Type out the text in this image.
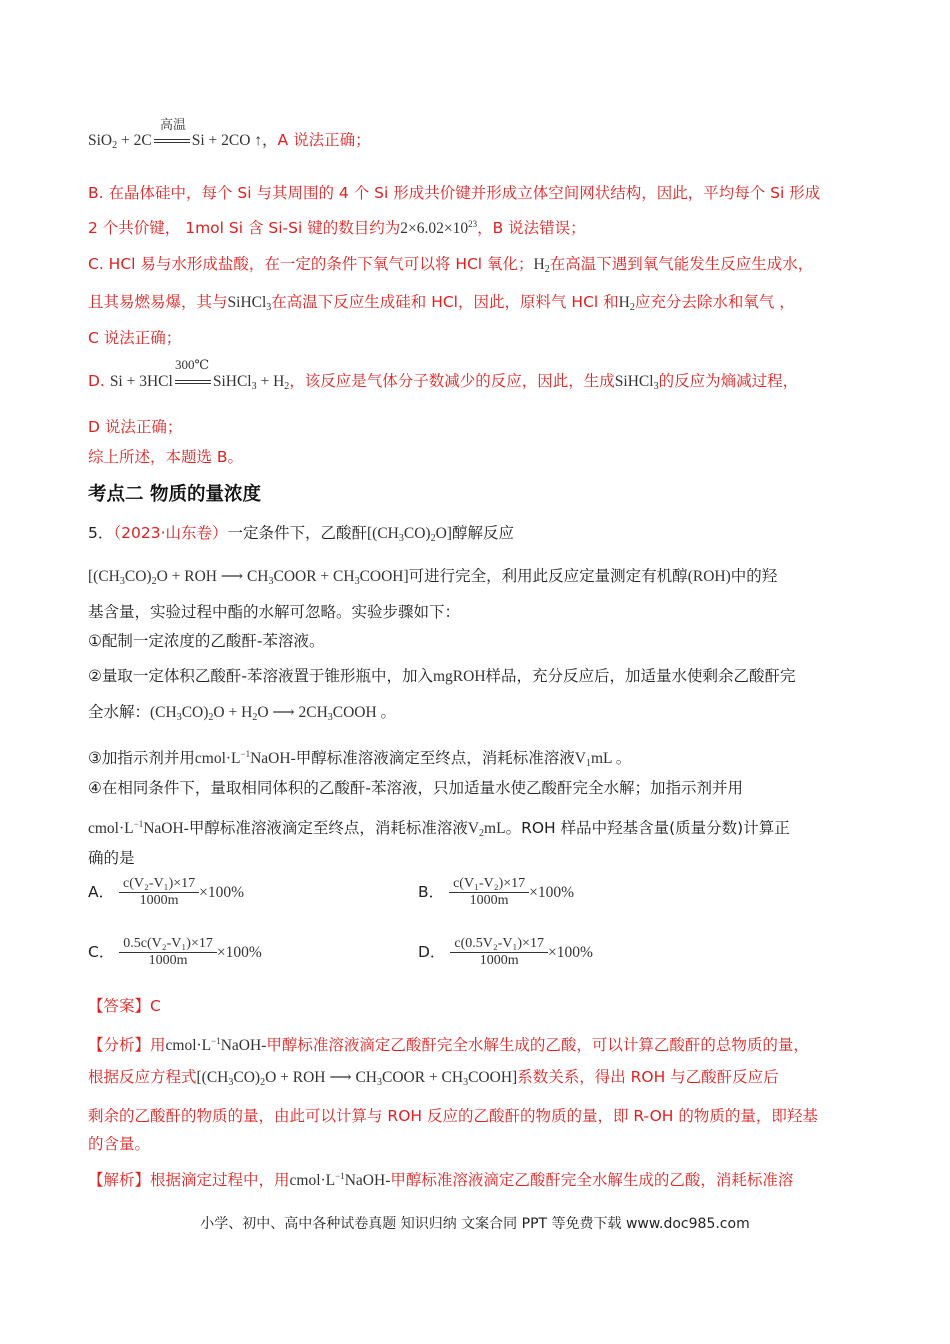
高温
SiO$_2$ + 2C	Si + 2CO ↑，A 说法正确；
B. 在晶体硅中，每个 Si 与其周围的 4 个 Si 形成共价键并形成立体空间网状结构，因此，平均每个 Si 形成
2 个共价键， 1mol Si 含 Si-Si 键的数目约为$2\times 6.02\times 10^{23}$，B 说法错误；
C. HCl 易与水形成盐酸，在一定的条件下氧气可以将 HCl 氧化；$H_2$在高温下遇到氧气能发生反应生成水，
且其易燃易爆，其与SiHCl$_3$在高温下反应生成硅和 HCl，因此，原料气 HCl 和$H_2$应充分去除水和氧气 ，
C 说法正确；
300℃
D. Si + 3HCl	SiHCl$_3$ + $H_2$，该反应是气体分子数减少的反应，因此，生成SiHCl$_3$的反应为熵减过程，
D 说法正确；
综上所述，本题选 B。
考点二 物质的量浓度
5．（2023·山东卷）一定条件下，乙酸酐$[(CH_3CO)_2O]$醇解反应
[$(CH_3CO)_2O$ + ROH ⟶ $CH_3COOR$ + $CH_3COOH$]可进行完全，利用此反应定量测定有机醇(ROH)中的羟
基含量，实验过程中酯的水解可忽略。实验步骤如下：
①配制一定浓度的乙酸酐-苯溶液。
②量取一定体积乙酸酐-苯溶液置于锥形瓶中，加入mgROH样品，充分反应后，加适量水使剩余乙酸酐完
全水解：$(CH_3CO)_2O + H_2O$ ⟶ $2CH_3COOH$ 。
③加指示剂并用$cmol\cdot L^{-1}NaOH-$甲醇标准溶液滴定至终点，消耗标准溶液$V_1mL$ 。
④在相同条件下，量取相同体积的乙酸酐-苯溶液，只加适量水使乙酸酐完全水解；加指示剂并用
$cmol\cdot L^{-1}NaOH-$甲醇标准溶液滴定至终点，消耗标准溶液$V_2mL$。ROH 样品中羟基含量(质量分数)计算正
确的是
A． $\frac{\text{c(V₂-V₁)×17}}{1000m} \times 100\%$	B． $\frac{\text{c(V₁-V₂)×17}}{1000m} \times 100\%$
C． $\frac{\text{0.5c(V₂-V₁)×17}}{1000m} \times 100\%$	D． $\frac{\text{c(0.5V₂-V₁)×17}}{1000m} \times 100\%$
【答案】C
【分析】用$cmol\cdot L^{-1}NaOH-$甲醇标准溶液滴定乙酸酐完全水解生成的乙酸，可以计算乙酸酐的总物质的量，
根据反应方程式[$(CH_3CO)_2O$ + ROH ⟶ $CH_3COOR$ + $CH_3COOH$]系数关系，得出 ROH 与乙酸酐反应后
剩余的乙酸酐的物质的量，由此可以计算与 ROH 反应的乙酸酐的物质的量，即 R-OH 的物质的量，即羟基
的含量。
【解析】根据滴定过程中，用$cmol\cdot L^{-1}NaOH-$甲醇标准溶液滴定乙酸酐完全水解生成的乙酸，消耗标准溶
小学、初中、高中各种试卷真题 知识归纳 文案合同 PPT 等免费下载 www.doc985.com
